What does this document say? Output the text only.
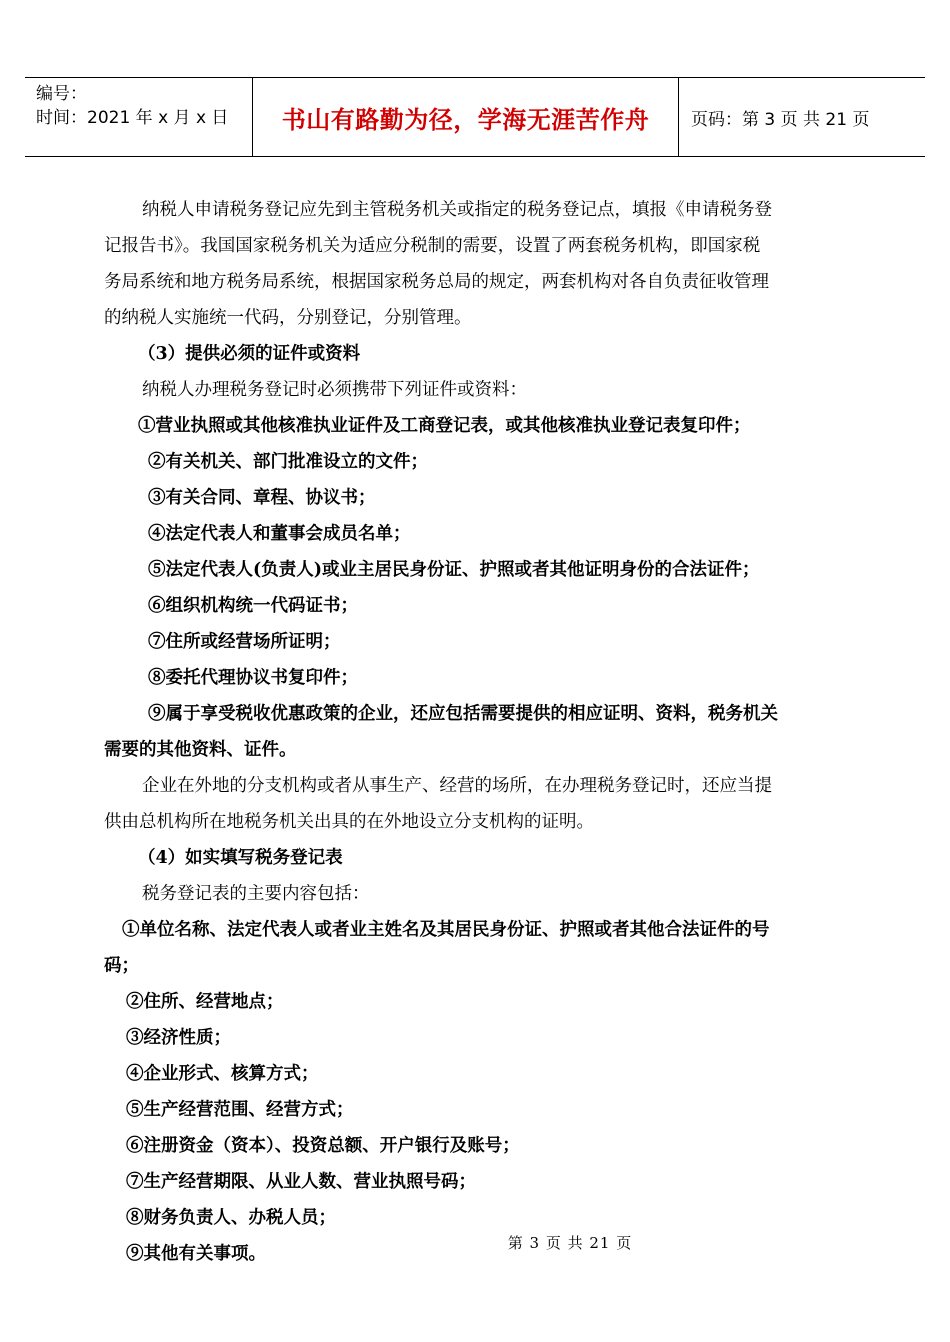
编号：
时间：2021 年 x 月 x 日	书山有路勤为径，学海无涯苦作舟	页码：第 3 页 共 21 页
纳税人申请税务登记应先到主管税务机关或指定的税务登记点，填报《申请税务登
记报告书》。我国国家税务机关为适应分税制的需要，设置了两套税务机构，即国家税
务局系统和地方税务局系统，根据国家税务总局的规定，两套机构对各自负责征收管理
的纳税人实施统一代码，分别登记，分别管理。
（3）提供必须的证件或资料
纳税人办理税务登记时必须携带下列证件或资料：
①营业执照或其他核准执业证件及工商登记表，或其他核准执业登记表复印件；
②有关机关、部门批准设立的文件；
③有关合同、章程、协议书；
④法定代表人和董事会成员名单；
⑤法定代表人(负责人)或业主居民身份证、护照或者其他证明身份的合法证件；
⑥组织机构统一代码证书；
⑦住所或经营场所证明；
⑧委托代理协议书复印件；
⑨属于享受税收优惠政策的企业，还应包括需要提供的相应证明、资料，税务机关
需要的其他资料、证件。
企业在外地的分支机构或者从事生产、经营的场所，在办理税务登记时，还应当提
供由总机构所在地税务机关出具的在外地设立分支机构的证明。
（4）如实填写税务登记表
税务登记表的主要内容包括：
①单位名称、法定代表人或者业主姓名及其居民身份证、护照或者其他合法证件的号
码；
②住所、经营地点；
③经济性质；
④企业形式、核算方式；
⑤生产经营范围、经营方式；
⑥注册资金（资本）、投资总额、开户银行及账号；
⑦生产经营期限、从业人数、营业执照号码；
⑧财务负责人、办税人员；
⑨其他有关事项。
第 3 页 共 21 页
